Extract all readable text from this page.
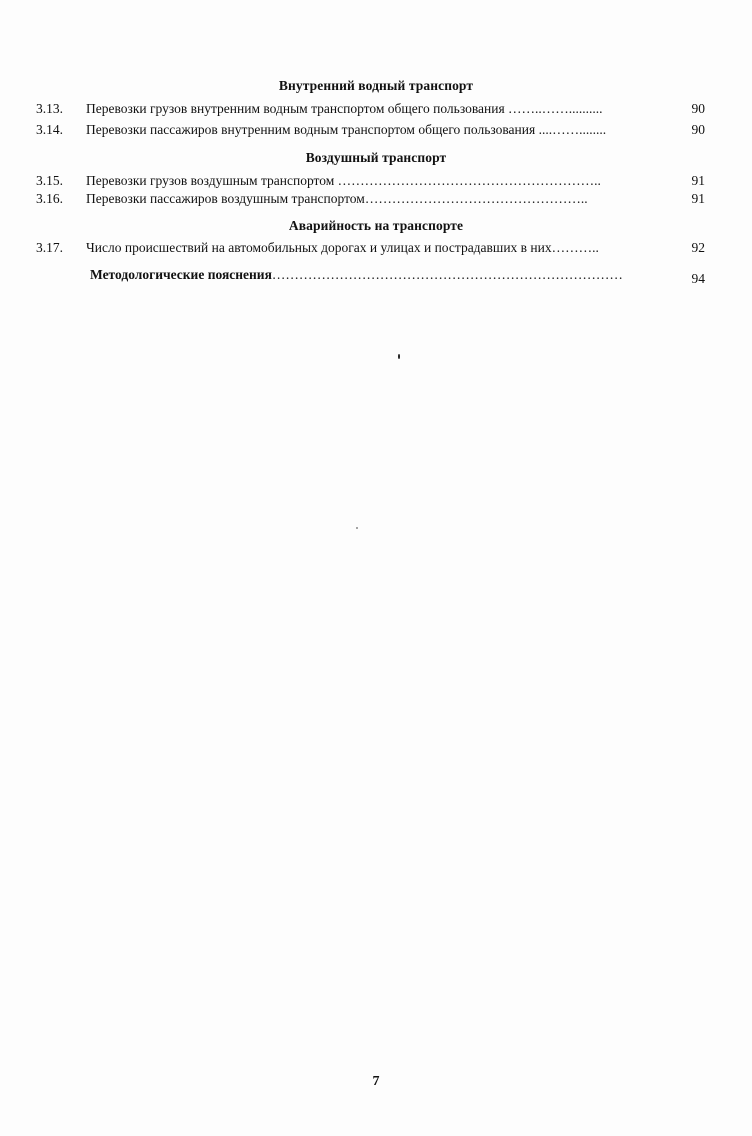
Внутренний водный транспорт
3.13. Перевозки грузов внутренним водным транспортом общего пользования ……..……..........	90
3.14. Перевозки пассажиров внутренним водным транспортом общего пользования ....……........	90
Воздушный транспорт
3.15. Перевозки грузов воздушным транспортом …………………………………………………..	91
3.16. Перевозки пассажиров воздушным транспортом…………………………………………..	91
Аварийность на транспорте
3.17. Число происшествий на автомобильных дорогах и улицах и пострадавших в них………..	92
Методологические пояснения……………………………………………………………………	94
7
